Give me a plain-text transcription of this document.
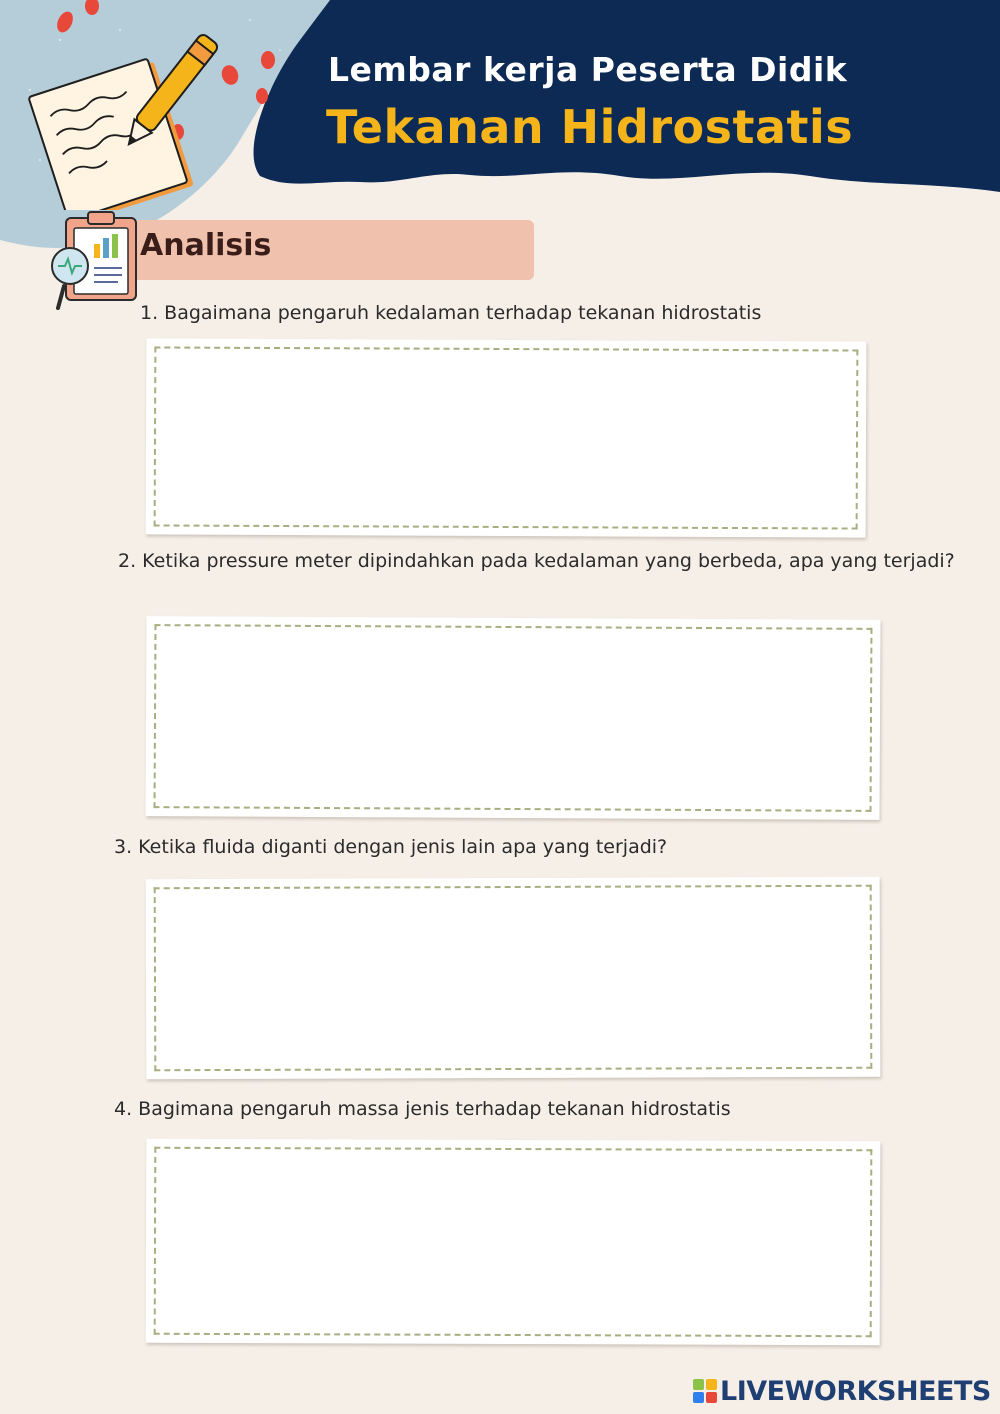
Lembar kerja Peserta Didik
Tekanan Hidrostatis
Analisis
1. Bagaimana pengaruh kedalaman terhadap tekanan hidrostatis
2. Ketika pressure meter dipindahkan pada kedalaman yang berbeda, apa yang terjadi?
3. Ketika fluida diganti dengan jenis lain apa yang terjadi?
4. Bagimana pengaruh massa jenis terhadap tekanan hidrostatis
LIVEWORKSHEETS
